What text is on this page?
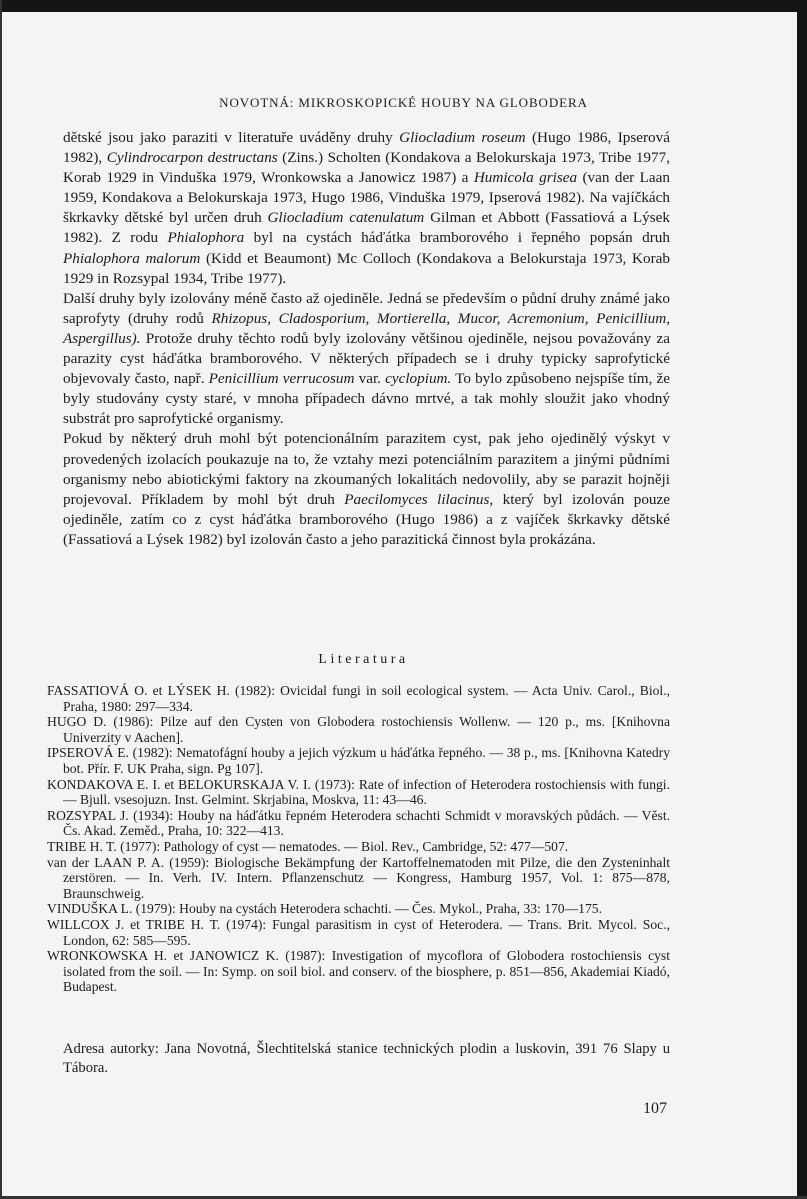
NOVOTNÁ: MIKROSKOPICKÉ HOUBY NA GLOBODERA

dětské jsou jako paraziti v literatuře uváděny druhy Gliocladium roseum (Hugo 1986, Ipserová 1982), Cylindrocarpon destructans (Zins.) Scholten (Kondakova a Belokurskaja 1973, Tribe 1977, Korab 1929 in Vinduška 1979, Wronkowska a Janowicz 1987) a Humicola grisea (van der Laan 1959, Kondakova a Belokurskaja 1973, Hugo 1986, Vinduška 1979, Ipserová 1982). Na vajíčkách škrkavky dětské byl určen druh Gliocladium catenulatum Gilman et Abbott (Fassatiová a Lýsek 1982). Z rodu Phialophora byl na cystách háďátka bramborového i řepného popsán druh Phialophora malorum (Kidd et Beaumont) Mc Colloch (Kondakova a Belokurstaja 1973, Korab 1929 in Rozsypal 1934, Tribe 1977).

Další druhy byly izolovány méně často až ojediněle. Jedná se především o půdní druhy známé jako saprofyty (druhy rodů Rhizopus, Cladosporium, Mortierella, Mucor, Acremonium, Penicillium, Aspergillus). Protože druhy těchto rodů byly izolovány většinou ojediněle, nejsou považovány za parazity cyst háďátka bramborového. V některých případech se i druhy typicky saprofytické objevovaly často, např. Penicillium verrucosum var. cyclopium. To bylo způsobeno nejspíše tím, že byly studovány cysty staré, v mnoha případech dávno mrtvé, a tak mohly sloužit jako vhodný substrát pro saprofytické organismy.

Pokud by některý druh mohl být potencionálním parazitem cyst, pak jeho ojedinělý výskyt v provedených izolacích poukazuje na to, že vztahy mezi potenciálním parazitem a jinými půdními organismy nebo abiotickými faktory na zkoumaných lokalitách nedovolily, aby se parazit hojněji projevoval. Příkladem by mohl být druh Paecilomyces lilacinus, který byl izolován pouze ojediněle, zatím co z cyst háďátka bramborového (Hugo 1986) a z vajíček škrkavky dětské (Fassatiová a Lýsek 1982) byl izolován často a jeho parazitická činnost byla prokázána.

Literatura

FASSATIOVÁ O. et LÝSEK H. (1982): Ovicidal fungi in soil ecological system. — Acta Univ. Carol., Biol., Praha, 1980: 297—334.

HUGO D. (1986): Pilze auf den Cysten von Globodera rostochiensis Wollenw. — 120 p., ms. [Knihovna Univerzity v Aachen].

IPSEROVÁ E. (1982): Nematofágní houby a jejich výzkum u háďátka řepného. — 38 p., ms. [Knihovna Katedry bot. Přír. F. UK Praha, sign. Pg 107].

KONDAKOVA E. I. et BELOKURSKAJA V. I. (1973): Rate of infection of Heterodera rostochiensis with fungi. — Bjull. vsesojuzn. Inst. Gelmint. Skrjabina, Moskva, 11: 43—46.

ROZSYPAL J. (1934): Houby na háďátku řepném Heterodera schachti Schmidt v moravských půdách. — Věst. Čs. Akad. Zeměd., Praha, 10: 322—413.

TRIBE H. T. (1977): Pathology of cyst — nematodes. — Biol. Rev., Cambridge, 52: 477—507.

van der LAAN P. A. (1959): Biologische Bekämpfung der Kartoffelnematoden mit Pilze, die den Zysteninhalt zerstören. — In. Verh. IV. Intern. Pflanzenschutz — Kongress, Hamburg 1957, Vol. 1: 875—878, Braunschweig.

VINDUŠKA L. (1979): Houby na cystách Heterodera schachti. — Čes. Mykol., Praha, 33: 170—175.

WILLCOX J. et TRIBE H. T. (1974): Fungal parasitism in cyst of Heterodera. — Trans. Brit. Mycol. Soc., London, 62: 585—595.

WRONKOWSKA H. et JANOWICZ K. (1987): Investigation of mycoflora of Globodera rostochiensis cyst isolated from the soil. — In: Symp. on soil biol. and conserv. of the biosphere, p. 851—856, Akademiai Kiadó, Budapest.

Adresa autorky: Jana Novotná, Šlechtitelská stanice technických plodin a luskovin, 391 76 Slapy u Tábora.
107
